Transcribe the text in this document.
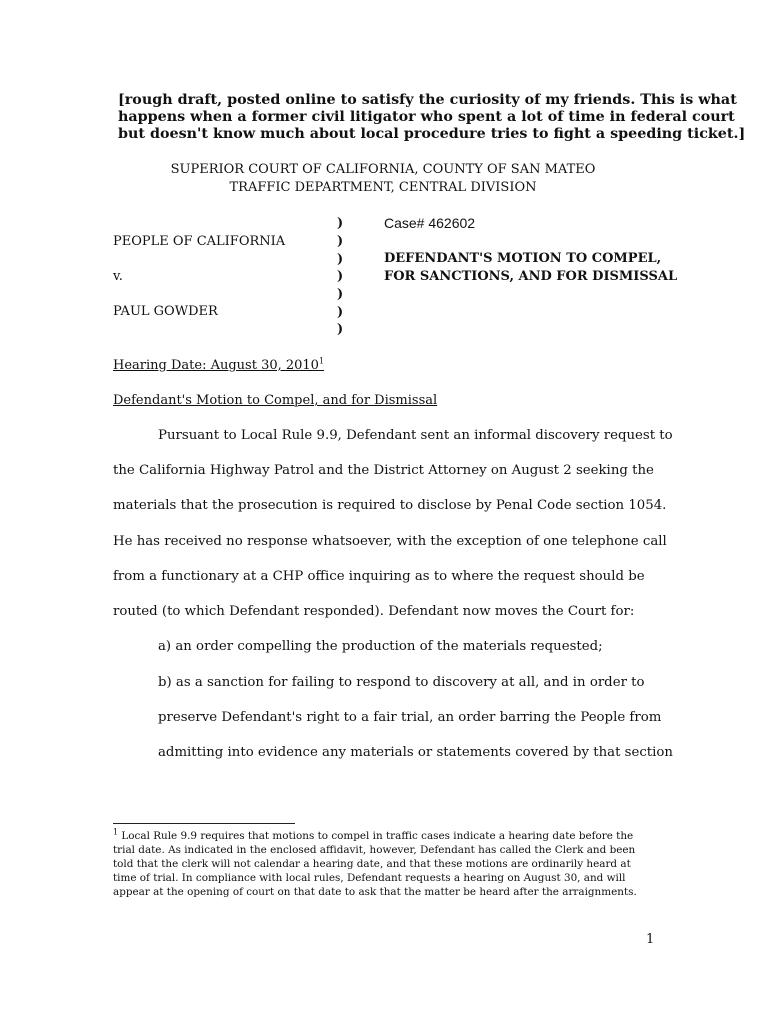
[rough draft, posted online to satisfy the curiosity of my friends. This is what
happens when a former civil litigator who spent a lot of time in federal court
but doesn't know much about local procedure tries to fight a speeding ticket.]
SUPERIOR COURT OF CALIFORNIA, COUNTY OF SAN MATEO
TRAFFIC DEPARTMENT, CENTRAL DIVISION
PEOPLE OF CALIFORNIA
v.
PAUL GOWDER
)
)
)
)
)
)
)
Case# 462602
DEFENDANT'S MOTION TO COMPEL,
FOR SANCTIONS, AND FOR DISMISSAL
Hearing Date: August 30, 2010$^1$
Defendant's Motion to Compel, and for Dismissal
Pursuant to Local Rule 9.9, Defendant sent an informal discovery request to
the California Highway Patrol and the District Attorney on August 2 seeking the
materials that the prosecution is required to disclose by Penal Code section 1054.
He has received no response whatsoever, with the exception of one telephone call
from a functionary at a CHP office inquiring as to where the request should be
routed (to which Defendant responded). Defendant now moves the Court for:
a) an order compelling the production of the materials requested;
b) as a sanction for failing to respond to discovery at all, and in order to
preserve Defendant's right to a fair trial, an order barring the People from
admitting into evidence any materials or statements covered by that section
$^1$ Local Rule 9.9 requires that motions to compel in traffic cases indicate a hearing date before the
trial date. As indicated in the enclosed affidavit, however, Defendant has called the Clerk and been
told that the clerk will not calendar a hearing date, and that these motions are ordinarily heard at
time of trial. In compliance with local rules, Defendant requests a hearing on August 30, and will
appear at the opening of court on that date to ask that the matter be heard after the arraignments.
1
